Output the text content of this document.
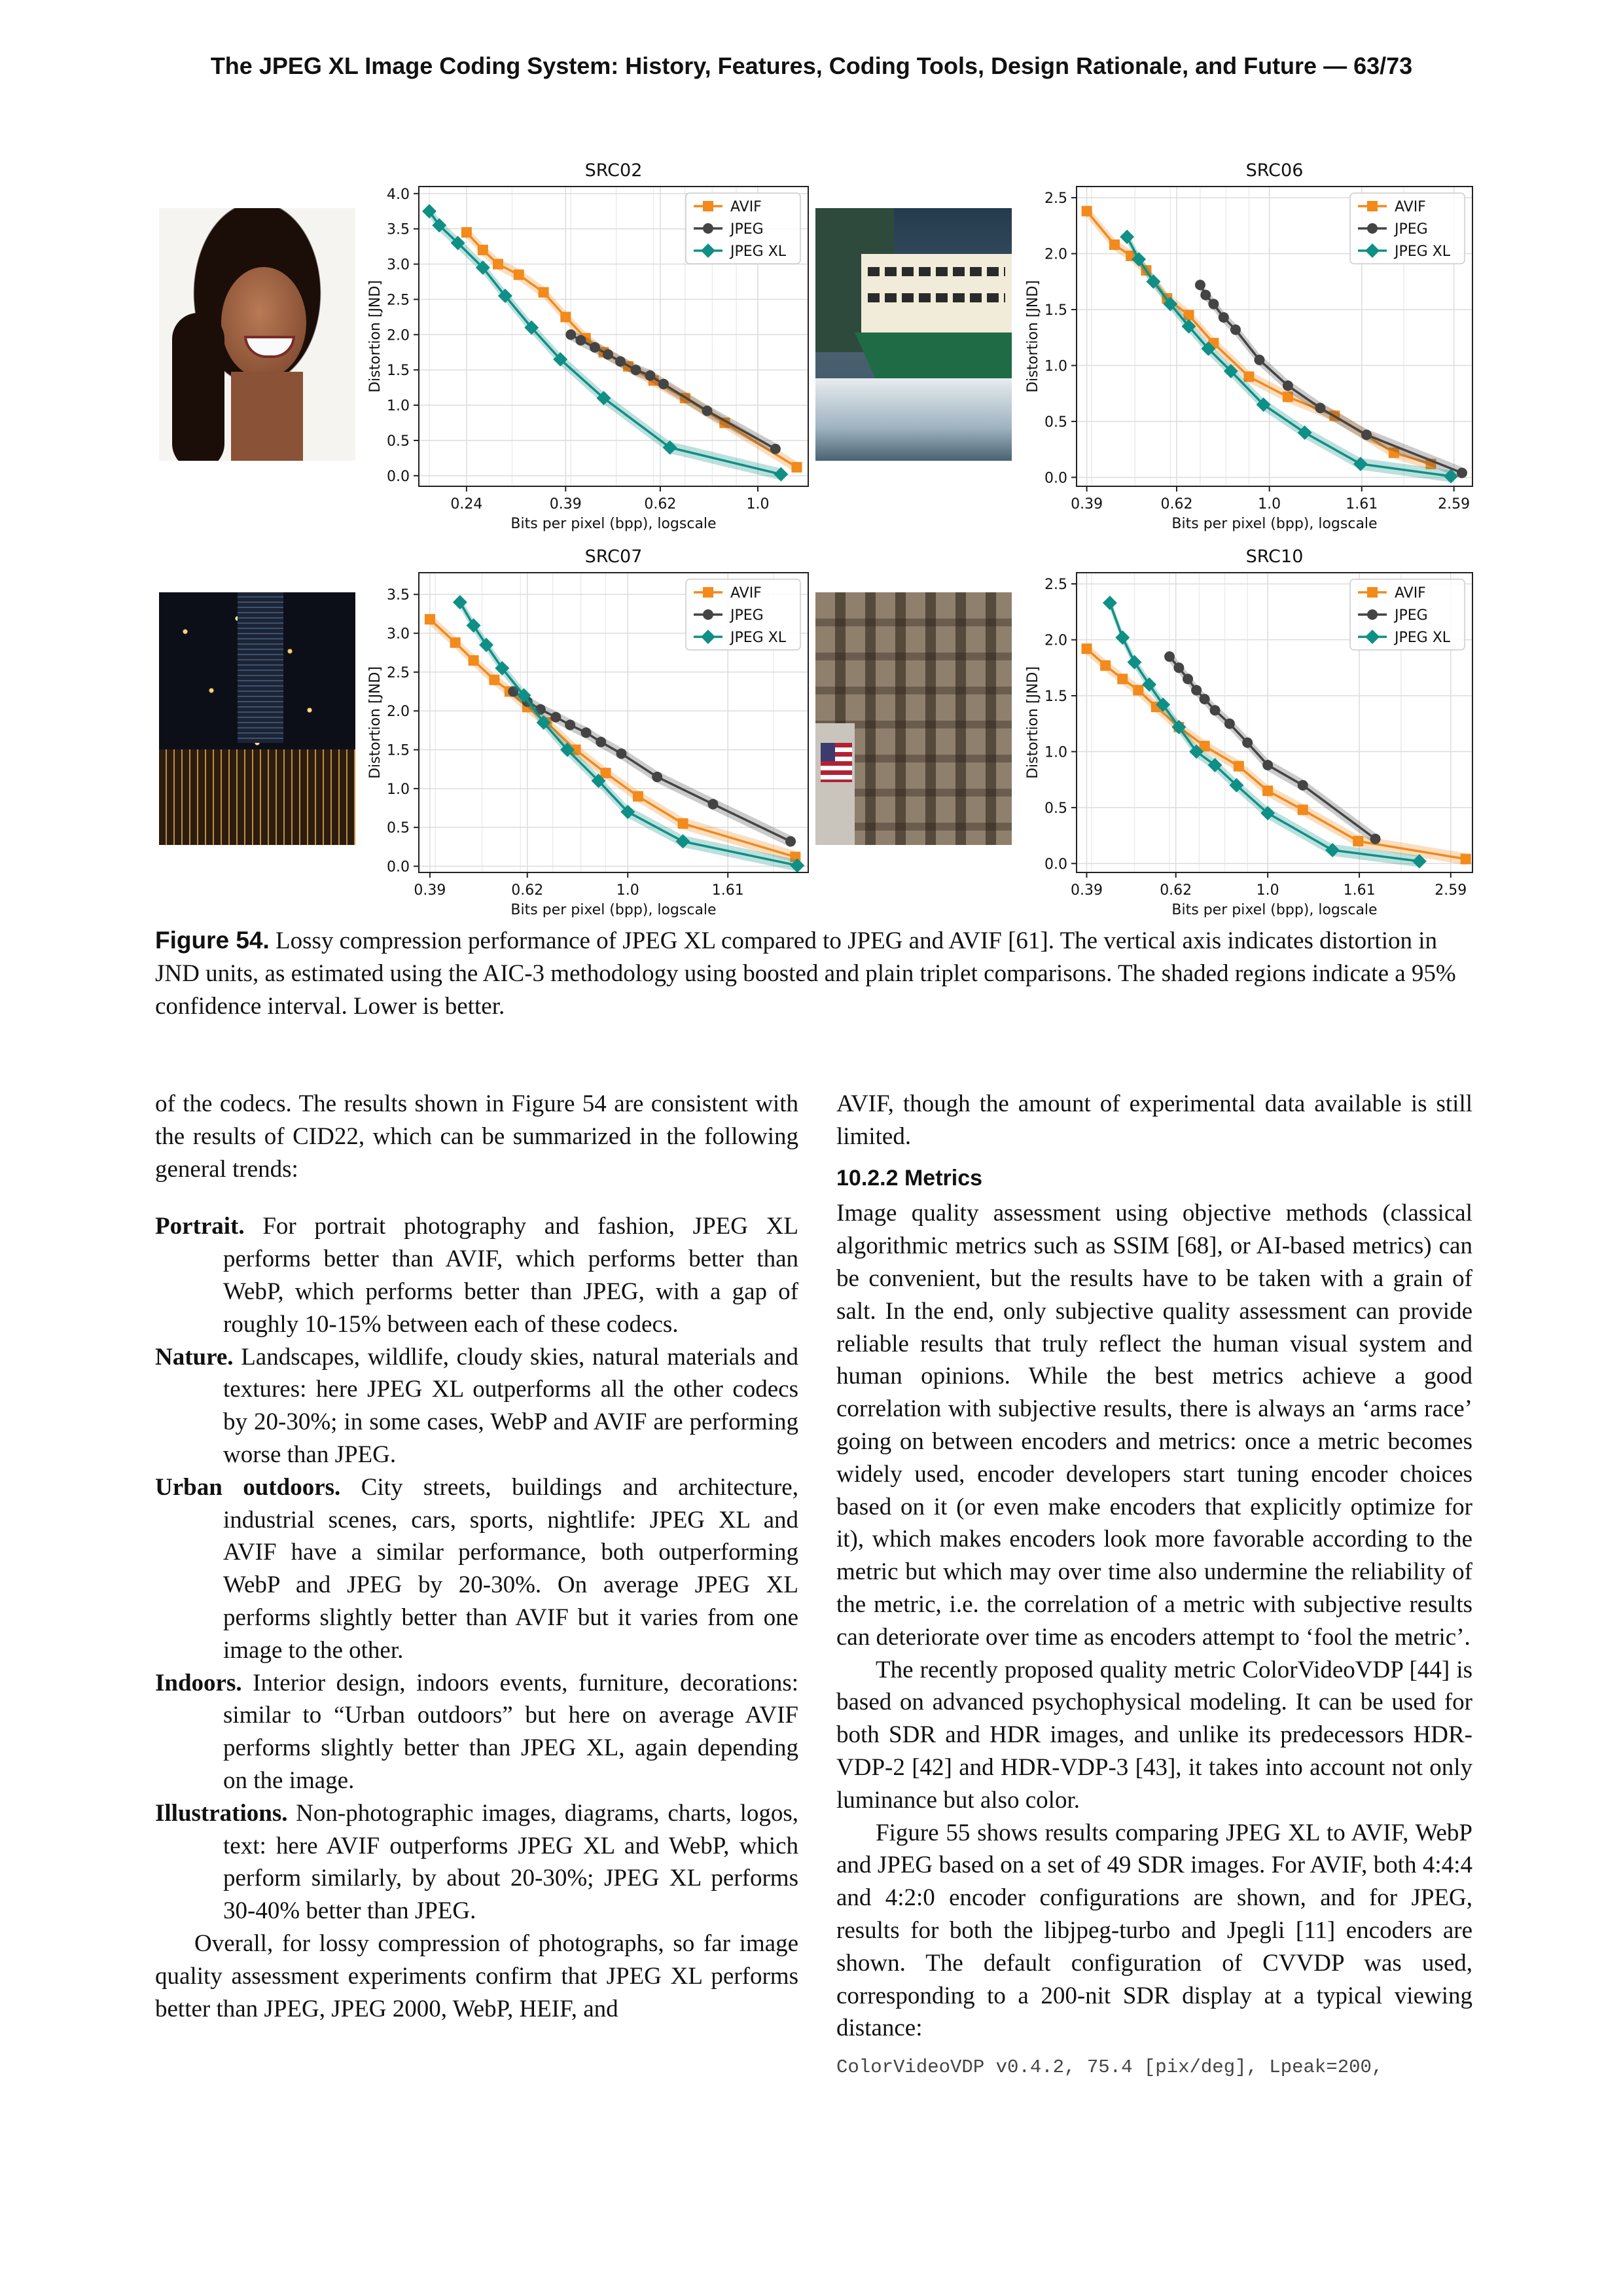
The JPEG XL Image Coding System: History, Features, Coding Tools, Design Rationale, and Future — 63/73
0.24	0.39	0.62	1.0
0.0
0.5
1.0
1.5
2.0
2.5
3.0
3.5
4.0
Bits per pixel (bpp), logscale
Distortion [JND]
SRC02
AVIF
JPEG
JPEG XL
0.39	0.62	1.0	1.61	2.59
0.0
0.5
1.0
1.5
2.0
2.5
Bits per pixel (bpp), logscale
Distortion [JND]
SRC06
AVIF
JPEG
JPEG XL
0.39	0.62	1.0	1.61
0.0
0.5
1.0
1.5
2.0
2.5
3.0
3.5
Bits per pixel (bpp), logscale
Distortion [JND]
SRC07
AVIF
JPEG
JPEG XL
0.39	0.62	1.0	1.61	2.59
0.0
0.5
1.0
1.5
2.0
2.5
Bits per pixel (bpp), logscale
Distortion [JND]
SRC10
AVIF
JPEG
JPEG XL
Figure 54. Lossy compression performance of JPEG XL compared to JPEG and AVIF [61]. The vertical axis indicates distortion in JND units, as estimated using the AIC-3 methodology using boosted and plain triplet comparisons. The shaded regions indicate a 95% confidence interval. Lower is better.

of the codecs. The results shown in Figure 54 are consistent with the results of CID22, which can be summarized in the following general trends:

Portrait. For portrait photography and fashion, JPEG XL performs better than AVIF, which performs better than WebP, which performs better than JPEG, with a gap of roughly 10-15% between each of these codecs.

Nature. Landscapes, wildlife, cloudy skies, natural materials and textures: here JPEG XL outperforms all the other codecs by 20-30%; in some cases, WebP and AVIF are performing worse than JPEG.

Urban outdoors. City streets, buildings and architecture, industrial scenes, cars, sports, nightlife: JPEG XL and AVIF have a similar performance, both outperforming WebP and JPEG by 20-30%. On average JPEG XL performs slightly better than AVIF but it varies from one image to the other.

Indoors. Interior design, indoors events, furniture, decorations: similar to “Urban outdoors” but here on average AVIF performs slightly better than JPEG XL, again depending on the image.

Illustrations. Non-photographic images, diagrams, charts, logos, text: here AVIF outperforms JPEG XL and WebP, which perform similarly, by about 20-30%; JPEG XL performs 30-40% better than JPEG.

Overall, for lossy compression of photographs, so far image quality assessment experiments confirm that JPEG XL performs better than JPEG, JPEG 2000, WebP, HEIF, and

AVIF, though the amount of experimental data available is still limited.

10.2.2 Metrics

Image quality assessment using objective methods (classical algorithmic metrics such as SSIM [68], or AI-based metrics) can be convenient, but the results have to be taken with a grain of salt. In the end, only subjective quality assessment can provide reliable results that truly reflect the human visual system and human opinions. While the best metrics achieve a good correlation with subjective results, there is always an ‘arms race’ going on between encoders and metrics: once a metric becomes widely used, encoder developers start tuning encoder choices based on it (or even make encoders that explicitly optimize for it), which makes encoders look more favorable according to the metric but which may over time also undermine the reliability of the metric, i.e. the correlation of a metric with subjective results can deteriorate over time as encoders attempt to ‘fool the metric’.

The recently proposed quality metric ColorVideoVDP [44] is based on advanced psychophysical modeling. It can be used for both SDR and HDR images, and unlike its predecessors HDR-VDP-2 [42] and HDR-VDP-3 [43], it takes into account not only luminance but also color.

Figure 55 shows results comparing JPEG XL to AVIF, WebP and JPEG based on a set of 49 SDR images. For AVIF, both 4:4:4 and 4:2:0 encoder configurations are shown, and for JPEG, results for both the libjpeg-turbo and Jpegli [11] encoders are shown. The default configuration of CVVDP was used, corresponding to a 200-nit SDR display at a typical viewing distance:

ColorVideoVDP v0.4.2, 75.4 [pix/deg], Lpeak=200,
